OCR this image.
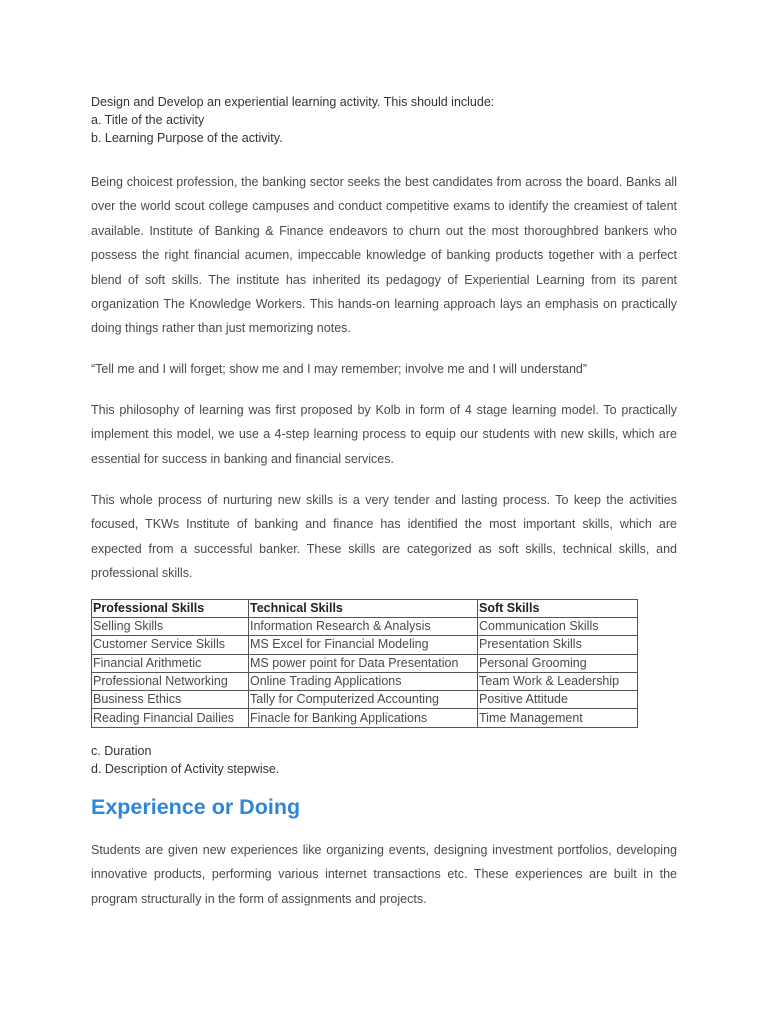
Design and Develop an experiential learning activity. This should include:

a. Title of the activity

b. Learning Purpose of the activity.

Being choicest profession, the banking sector seeks the best candidates from across the board. Banks all over the world scout college campuses and conduct competitive exams to identify the creamiest of talent available. Institute of Banking & Finance endeavors to churn out the most thoroughbred bankers who possess the right financial acumen, impeccable knowledge of banking products together with a perfect blend of soft skills. The institute has inherited its pedagogy of Experiential Learning from its parent organization The Knowledge Workers. This hands-on learning approach lays an emphasis on practically doing things rather than just memorizing notes.

“Tell me and I will forget; show me and I may remember; involve me and I will understand”

This philosophy of learning was first proposed by Kolb in form of 4 stage learning model. To practically implement this model, we use a 4-step learning process to equip our students with new skills, which are essential for success in banking and financial services.

This whole process of nurturing new skills is a very tender and lasting process. To keep the activities focused, TKWs Institute of banking and finance has identified the most important skills, which are expected from a successful banker. These skills are categorized as soft skills, technical skills, and professional skills.

Professional Skills	Technical Skills	Soft Skills
Selling Skills	Information Research & Analysis	Communication Skills
Customer Service Skills	MS Excel for Financial Modeling	Presentation Skills
Financial Arithmetic	MS power point for Data Presentation	Personal Grooming
Professional Networking	Online Trading Applications	Team Work & Leadership
Business Ethics	Tally for Computerized Accounting	Positive Attitude
Reading Financial Dailies	Finacle for Banking Applications	Time Management

c. Duration

d. Description of Activity stepwise.

Experience or Doing

Students are given new experiences like organizing events, designing investment portfolios, developing innovative products, performing various internet transactions etc. These experiences are built in the program structurally in the form of assignments and projects.
